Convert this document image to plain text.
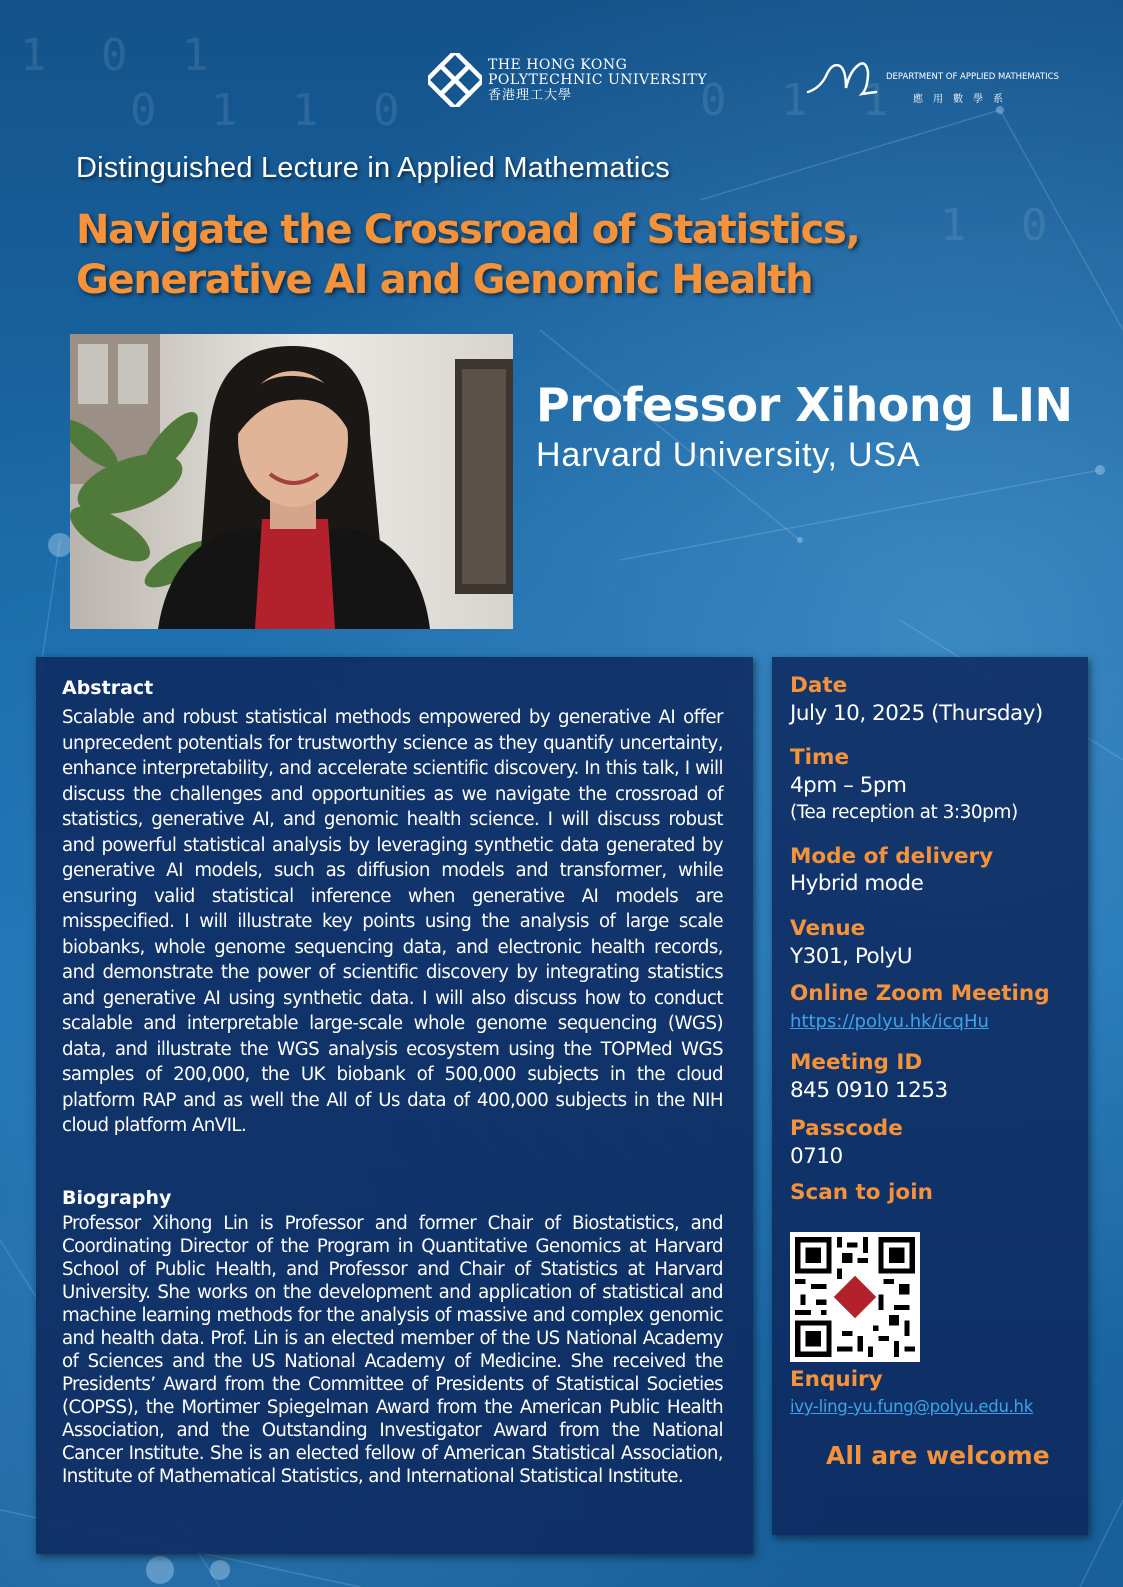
1 0 1
0 1 1 0	0 1 1
1 0
THE HONG KONG
POLYTECHNIC UNIVERSITY
香港理工大學
DEPARTMENT OF APPLIED MATHEMATICS
應用數學系
Distinguished Lecture in Applied Mathematics
Navigate the Crossroad of Statistics, Generative AI and Genomic Health
Professor Xihong LIN
Harvard University, USA
Abstract
Scalable and robust statistical methods empowered by generative AI offer unprecedent potentials for trustworthy science as they quantify uncertainty, enhance interpretability, and accelerate scientific discovery. In this talk, I will discuss the challenges and opportunities as we navigate the crossroad of statistics, generative AI, and genomic health science. I will discuss robust and powerful statistical analysis by leveraging synthetic data generated by generative AI models, such as diffusion models and transformer, while ensuring valid statistical inference when generative AI models are misspecified. I will illustrate key points using the analysis of large scale biobanks, whole genome sequencing data, and electronic health records, and demonstrate the power of scientific discovery by integrating statistics and generative AI using synthetic data. I will also discuss how to conduct scalable and interpretable large-scale whole genome sequencing (WGS) data, and illustrate the WGS analysis ecosystem using the TOPMed WGS samples of 200,000, the UK biobank of 500,000 subjects in the cloud platform RAP and as well the All of Us data of 400,000 subjects in the NIH cloud platform AnVIL.
Biography
Professor Xihong Lin is Professor and former Chair of Biostatistics, and Coordinating Director of the Program in Quantitative Genomics at Harvard School of Public Health, and Professor and Chair of Statistics at Harvard University. She works on the development and application of statistical and machine learning methods for the analysis of massive and complex genomic and health data. Prof. Lin is an elected member of the US National Academy of Sciences and the US National Academy of Medicine. She received the Presidents’ Award from the Committee of Presidents of Statistical Societies (COPSS), the Mortimer Spiegelman Award from the American Public Health Association, and the Outstanding Investigator Award from the National Cancer Institute. She is an elected fellow of American Statistical Association, Institute of Mathematical Statistics, and International Statistical Institute.
Date
July 10, 2025 (Thursday)
Time
4pm – 5pm
(Tea reception at 3:30pm)
Mode of delivery
Hybrid mode
Venue
Y301, PolyU
Online Zoom Meeting
https://polyu.hk/icqHu
Meeting ID
845 0910 1253
Passcode
0710
Scan to join
Enquiry
ivy-ling-yu.fung@polyu.edu.hk
All are welcome
